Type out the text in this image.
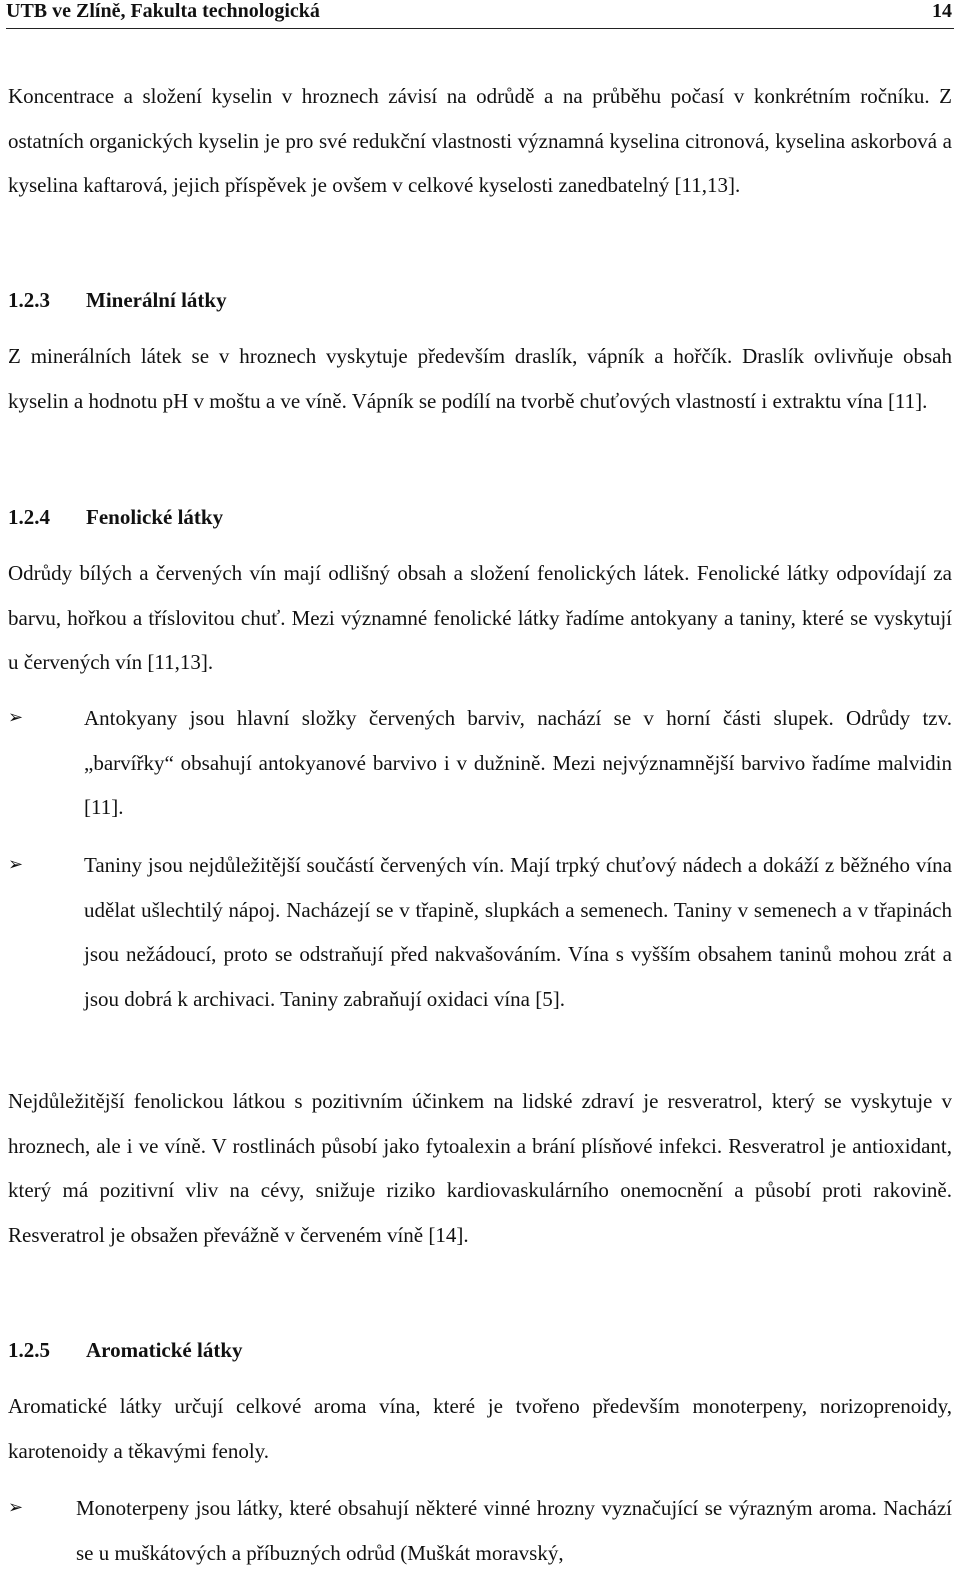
UTB ve Zlíně, Fakulta technologická	14
Koncentrace a složení kyselin v hroznech závisí na odrůdě a na průběhu počasí v konkrétním ročníku. Z ostatních organických kyselin je pro své redukční vlastnosti významná kyselina citronová, kyselina askorbová a kyselina kaftarová, jejich příspěvek je ovšem v celkové kyselosti zanedbatelný [11,13].
1.2.3 Minerální látky
Z minerálních látek se v hroznech vyskytuje především draslík, vápník a hořčík. Draslík ovlivňuje obsah kyselin a hodnotu pH v moštu a ve víně. Vápník se podílí na tvorbě chuťových vlastností i extraktu vína [11].
1.2.4 Fenolické látky
Odrůdy bílých a červených vín mají odlišný obsah a složení fenolických látek. Fenolické látky odpovídají za barvu, hořkou a tříslovitou chuť. Mezi významné fenolické látky řadíme antokyany a taniny, které se vyskytují u červených vín [11,13].
➢	Antokyany jsou hlavní složky červených barviv, nachází se v horní části slupek. Odrůdy tzv. „barvířky“ obsahují antokyanové barvivo i v dužnině. Mezi nejvýznamnější barvivo řadíme malvidin [11].
➢	Taniny jsou nejdůležitější součástí červených vín. Mají trpký chuťový nádech a dokáží z běžného vína udělat ušlechtilý nápoj. Nacházejí se v třapině, slupkách a semenech. Taniny v semenech a v třapinách jsou nežádoucí, proto se odstraňují před nakvašováním. Vína s vyšším obsahem taninů mohou zrát a jsou dobrá k archivaci. Taniny zabraňují oxidaci vína [5].
Nejdůležitější fenolickou látkou s pozitivním účinkem na lidské zdraví je resveratrol, který se vyskytuje v hroznech, ale i ve víně. V rostlinách působí jako fytoalexin a brání plísňové infekci. Resveratrol je antioxidant, který má pozitivní vliv na cévy, snižuje riziko kardiovaskulárního onemocnění a působí proti rakovině. Resveratrol je obsažen převážně v červeném víně [14].
1.2.5 Aromatické látky
Aromatické látky určují celkové aroma vína, které je tvořeno především monoterpeny, norizoprenoidy, karotenoidy a těkavými fenoly.
➢	Monoterpeny jsou látky, které obsahují některé vinné hrozny vyznačující se výrazným aroma. Nachází se u muškátových a příbuzných odrůd (Muškát moravský,
